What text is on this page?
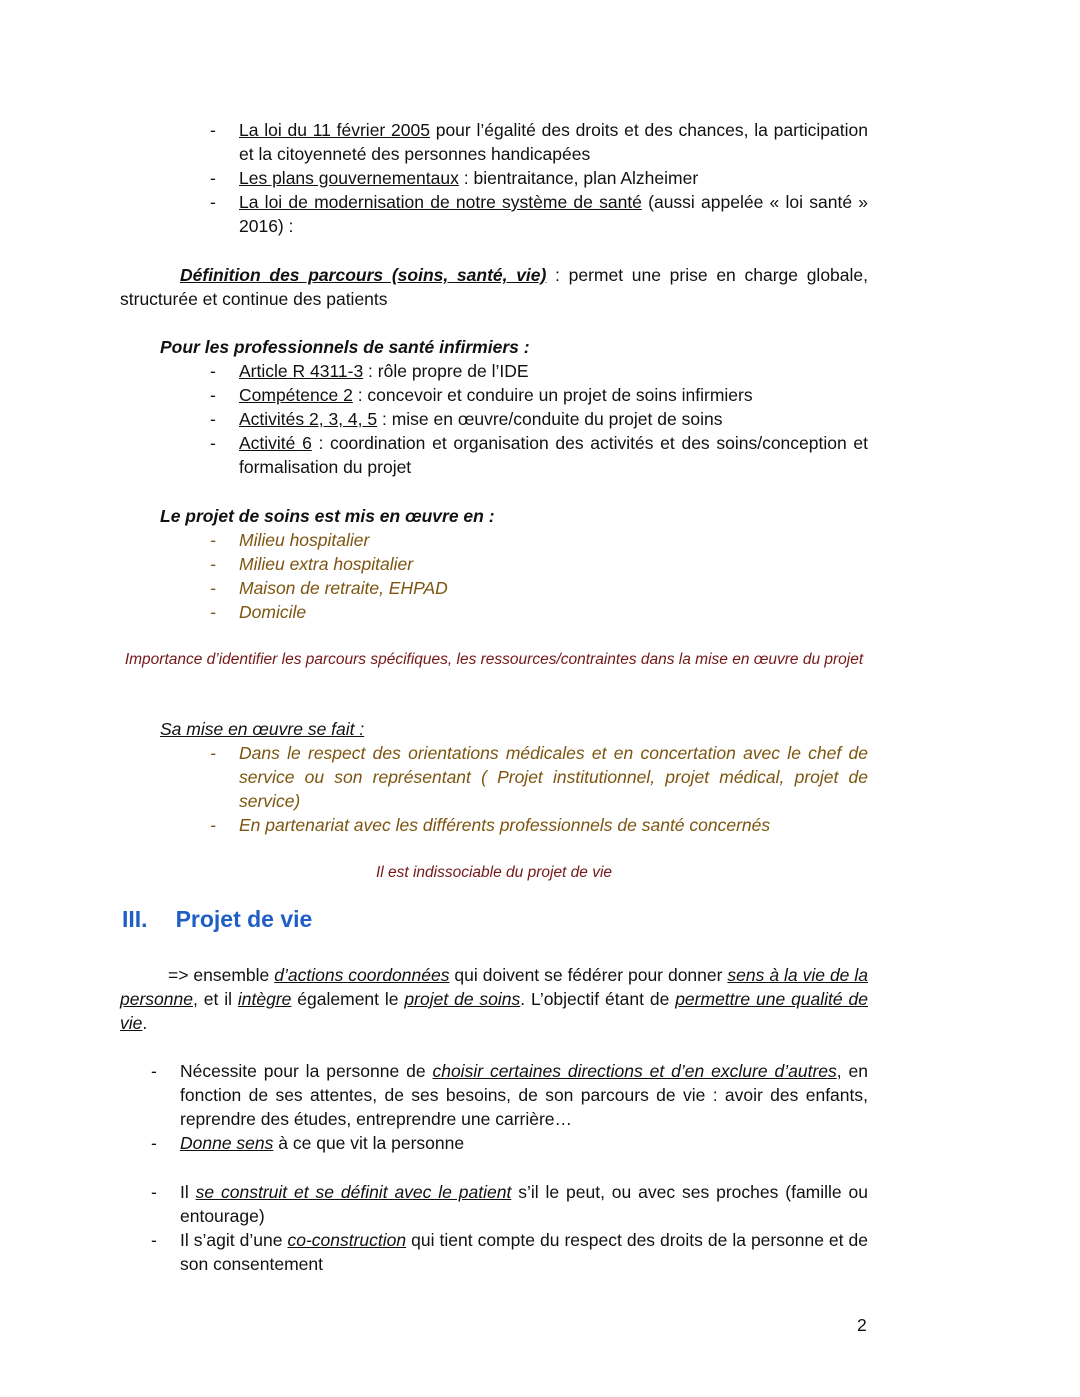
- La loi du 11 février 2005 pour l’égalité des droits et des chances, la participation et la citoyenneté des personnes handicapées
- Les plans gouvernementaux : bientraitance, plan Alzheimer
- La loi de modernisation de notre système de santé (aussi appelée « loi santé » 2016) :
Définition des parcours (soins, santé, vie) : permet une prise en charge globale, structurée et continue des patients
Pour les professionnels de santé infirmiers :
- Article R 4311-3 : rôle propre de l’IDE
- Compétence 2 : concevoir et conduire un projet de soins infirmiers
- Activités 2, 3, 4, 5 : mise en œuvre/conduite du projet de soins
- Activité 6 : coordination et organisation des activités et des soins/conception et formalisation du projet
Le projet de soins est mis en œuvre en :
- Milieu hospitalier
- Milieu extra hospitalier
- Maison de retraite, EHPAD
- Domicile
Importance d’identifier les parcours spécifiques, les ressources/contraintes dans la mise en œuvre du projet
Sa mise en œuvre se fait :
- Dans le respect des orientations médicales et en concertation avec le chef de service ou son représentant ( Projet institutionnel, projet médical, projet de service)
- En partenariat avec les différents professionnels de santé concernés
Il est indissociable du projet de vie
III. Projet de vie
=> ensemble d’actions coordonnées qui doivent se fédérer pour donner sens à la vie de la personne, et il intègre également le projet de soins. L’objectif étant de permettre une qualité de vie.
- Nécessite pour la personne de choisir certaines directions et d’en exclure d’autres, en fonction de ses attentes, de ses besoins, de son parcours de vie : avoir des enfants, reprendre des études, entreprendre une carrière…
- Donne sens à ce que vit la personne
- Il se construit et se définit avec le patient s’il le peut, ou avec ses proches (famille ou entourage)
- Il s’agit d’une co-construction qui tient compte du respect des droits de la personne et de son consentement
2
